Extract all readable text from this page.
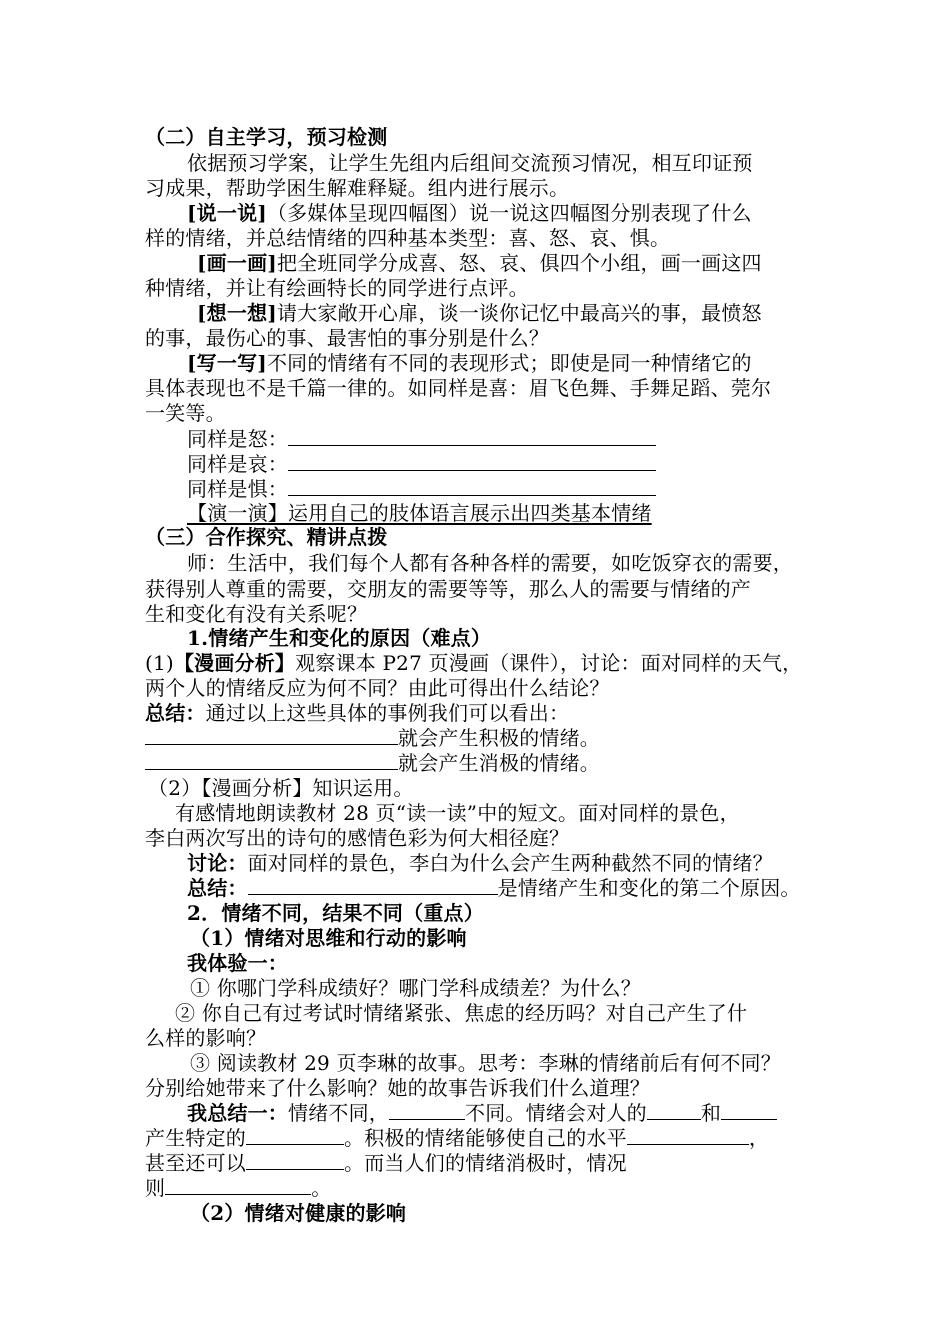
（二）自主学习，预习检测
依据预习学案，让学生先组内后组间交流预习情况，相互印证预
习成果，帮助学困生解难释疑。组内进行展示。
[说一说]（多媒体呈现四幅图）说一说这四幅图分别表现了什么
样的情绪，并总结情绪的四种基本类型：喜、怒、哀、惧。
[画一画]把全班同学分成喜、怒、哀、俱四个小组，画一画这四
种情绪，并让有绘画特长的同学进行点评。
[想一想]请大家敞开心扉，谈一谈你记忆中最高兴的事，最愤怒
的事，最伤心的事、最害怕的事分别是什么？
[写一写]不同的情绪有不同的表现形式；即使是同一种情绪它的
具体表现也不是千篇一律的。如同样是喜：眉飞色舞、手舞足蹈、莞尔
一笑等。
同样是怒：
同样是哀：
同样是惧：
【演一演】运用自己的肢体语言展示出四类基本情绪
（三）合作探究、精讲点拨
师：生活中，我们每个人都有各种各样的需要，如吃饭穿衣的需要，
获得别人尊重的需要，交朋友的需要等等，那么人的需要与情绪的产
生和变化有没有关系呢？
1.情绪产生和变化的原因（难点）
(1)【漫画分析】观察课本 P27 页漫画（课件），讨论：面对同样的天气，
两个人的情绪反应为何不同？由此可得出什么结论？
总结：通过以上这些具体的事例我们可以看出：
就会产生积极的情绪。
就会产生消极的情绪。
（2）【漫画分析】知识运用。
有感情地朗读教材 28 页“读一读”中的短文。面对同样的景色，
李白两次写出的诗句的感情色彩为何大相径庭？
讨论：面对同样的景色，李白为什么会产生两种截然不同的情绪？
总结：	是情绪产生和变化的第二个原因。
2．情绪不同，结果不同（重点）
（1）情绪对思维和行动的影响
我体验一：
① 你哪门学科成绩好？哪门学科成绩差？为什么？
② 你自己有过考试时情绪紧张、焦虑的经历吗？对自己产生了什
么样的影响？
③ 阅读教材 29 页李琳的故事。思考：李琳的情绪前后有何不同？
分别给她带来了什么影响？她的故事告诉我们什么道理？
我总结一：情绪不同，	不同。情绪会对人的	和
产生特定的	。积极的情绪能够使自己的水平	，
甚至还可以	。而当人们的情绪消极时，情况
则	。
（2）情绪对健康的影响
